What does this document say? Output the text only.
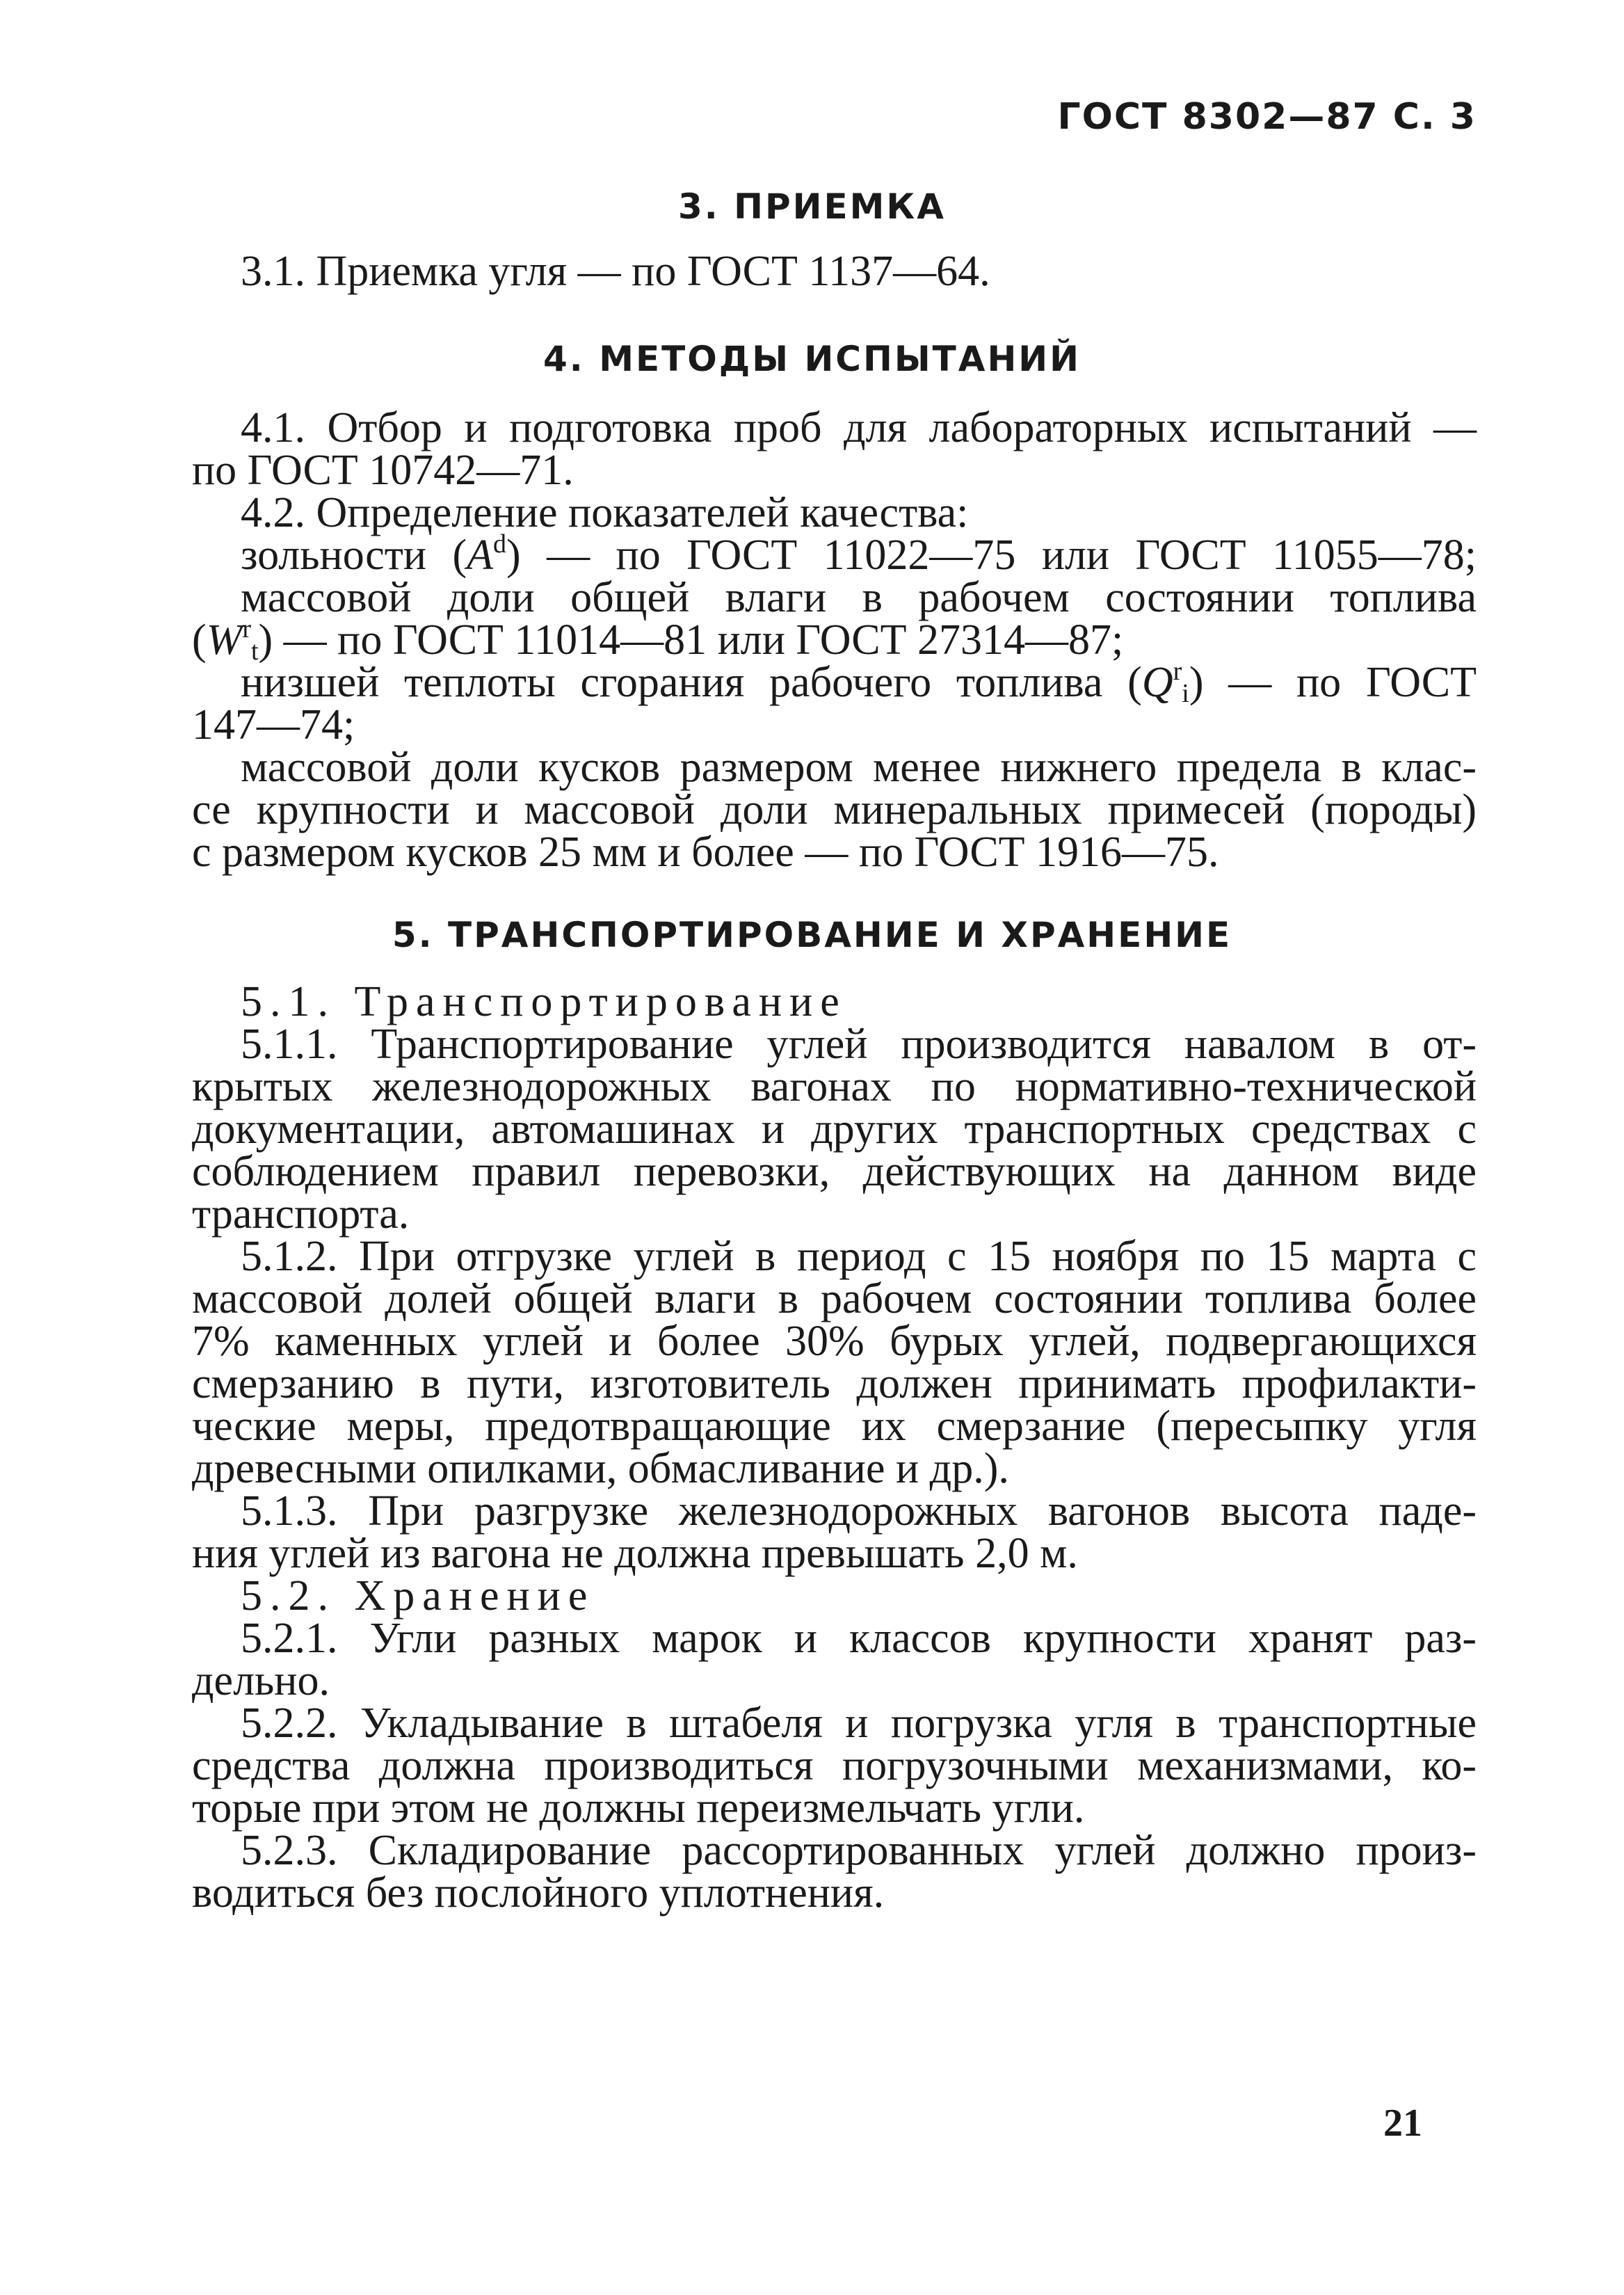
ГОСТ 8302—87 С. 3
3. ПРИЕМКА
3.1. Приемка угля — по ГОСТ 1137—64.
4. МЕТОДЫ ИСПЫТАНИЙ
4.1. Отбор и подготовка проб для лабораторных испытаний —
по ГОСТ 10742—71.
4.2. Определение показателей качества:
зольности $(A^d)$ — по ГОСТ 11022—75 или ГОСТ 11055—78;
массовой доли общей влаги в рабочем состоянии топлива
$(W^r_t)$ — по ГОСТ 11014—81 или ГОСТ 27314—87;
низшей теплоты сгорания рабочего топлива $(Q^r_i)$ — по ГОСТ
147—74;
массовой доли кусков размером менее нижнего предела в клас-
се крупности и массовой доли минеральных примесей (породы)
с размером кусков 25 мм и более — по ГОСТ 1916—75.
5. ТРАНСПОРТИРОВАНИЕ И ХРАНЕНИЕ
5.1. Транспортирование
5.1.1. Транспортирование углей производится навалом в от-
крытых железнодорожных вагонах по нормативно-технической
документации, автомашинах и других транспортных средствах с
соблюдением правил перевозки, действующих на данном виде
транспорта.
5.1.2. При отгрузке углей в период с 15 ноября по 15 марта с
массовой долей общей влаги в рабочем состоянии топлива более
7% каменных углей и более 30% бурых углей, подвергающихся
смерзанию в пути, изготовитель должен принимать профилакти-
ческие меры, предотвращающие их смерзание (пересыпку угля
древесными опилками, обмасливание и др.).
5.1.3. При разгрузке железнодорожных вагонов высота паде-
ния углей из вагона не должна превышать 2,0 м.
5.2. Хранение
5.2.1. Угли разных марок и классов крупности хранят раз-
дельно.
5.2.2. Укладывание в штабеля и погрузка угля в транспортные
средства должна производиться погрузочными механизмами, ко-
торые при этом не должны переизмельчать угли.
5.2.3. Складирование рассортированных углей должно произ-
водиться без послойного уплотнения.
21
